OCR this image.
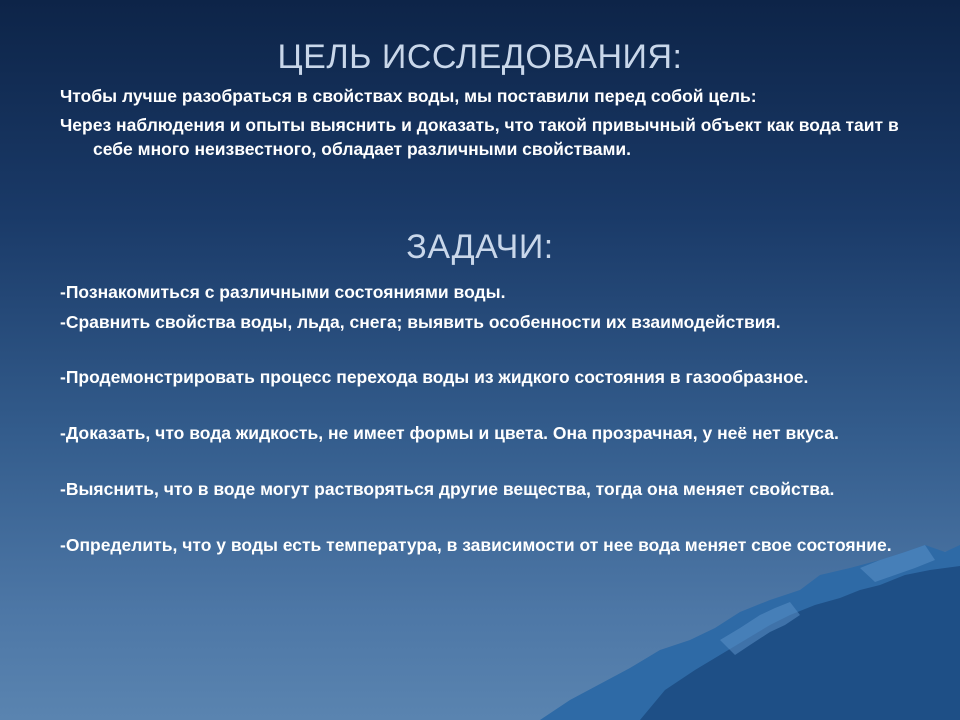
ЦЕЛЬ ИССЛЕДОВАНИЯ:

Чтобы лучше разобраться в свойствах воды, мы поставили перед собой цель:

Через наблюдения и опыты выяснить и доказать, что такой привычный объект как вода таит в себе много неизвестного, обладает различными свойствами.

ЗАДАЧИ:
-Познакомиться с различными состояниями воды.
-Сравнить свойства воды, льда, снега; выявить особенности их взаимодействия.
-Продемонстрировать процесс перехода воды из жидкого состояния в газообразное.
-Доказать, что вода жидкость, не имеет формы и цвета. Она прозрачная, у неё нет вкуса.
-Выяснить, что в воде могут растворяться другие вещества, тогда она меняет свойства.
-Определить, что у воды есть температура, в зависимости от нее вода меняет свое состояние.
